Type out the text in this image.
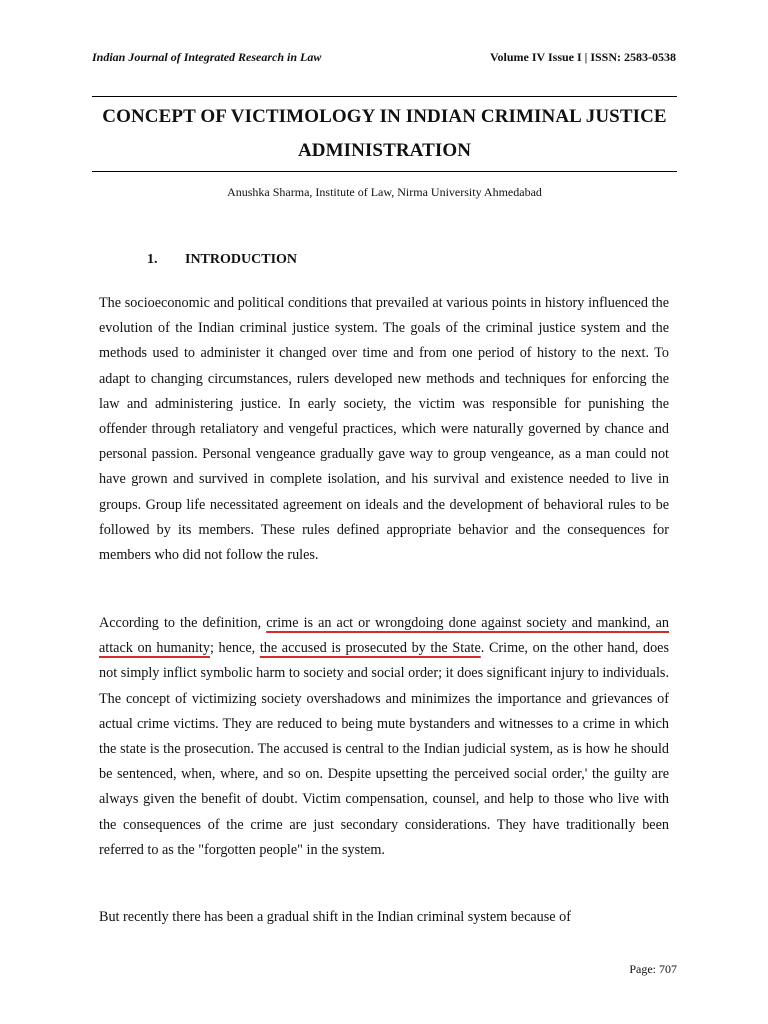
Indian Journal of Integrated Research in Law	Volume IV Issue I | ISSN: 2583-0538
CONCEPT OF VICTIMOLOGY IN INDIAN CRIMINAL JUSTICE ADMINISTRATION
Anushka Sharma, Institute of Law, Nirma University Ahmedabad
1. INTRODUCTION

The socioeconomic and political conditions that prevailed at various points in history influenced the evolution of the Indian criminal justice system. The goals of the criminal justice system and the methods used to administer it changed over time and from one period of history to the next. To adapt to changing circumstances, rulers developed new methods and techniques for enforcing the law and administering justice. In early society, the victim was responsible for punishing the offender through retaliatory and vengeful practices, which were naturally governed by chance and personal passion. Personal vengeance gradually gave way to group vengeance, as a man could not have grown and survived in complete isolation, and his survival and existence needed to live in groups. Group life necessitated agreement on ideals and the development of behavioral rules to be followed by its members. These rules defined appropriate behavior and the consequences for members who did not follow the rules.

According to the definition, crime is an act or wrongdoing done against society and mankind, an attack on humanity; hence, the accused is prosecuted by the State. Crime, on the other hand, does not simply inflict symbolic harm to society and social order; it does significant injury to individuals. The concept of victimizing society overshadows and minimizes the importance and grievances of actual crime victims. They are reduced to being mute bystanders and witnesses to a crime in which the state is the prosecution. The accused is central to the Indian judicial system, as is how he should be sentenced, when, where, and so on. Despite upsetting the perceived social order,' the guilty are always given the benefit of doubt. Victim compensation, counsel, and help to those who live with the consequences of the crime are just secondary considerations. They have traditionally been referred to as the "forgotten people" in the system.

But recently there has been a gradual shift in the Indian criminal system because of

Page: 707
